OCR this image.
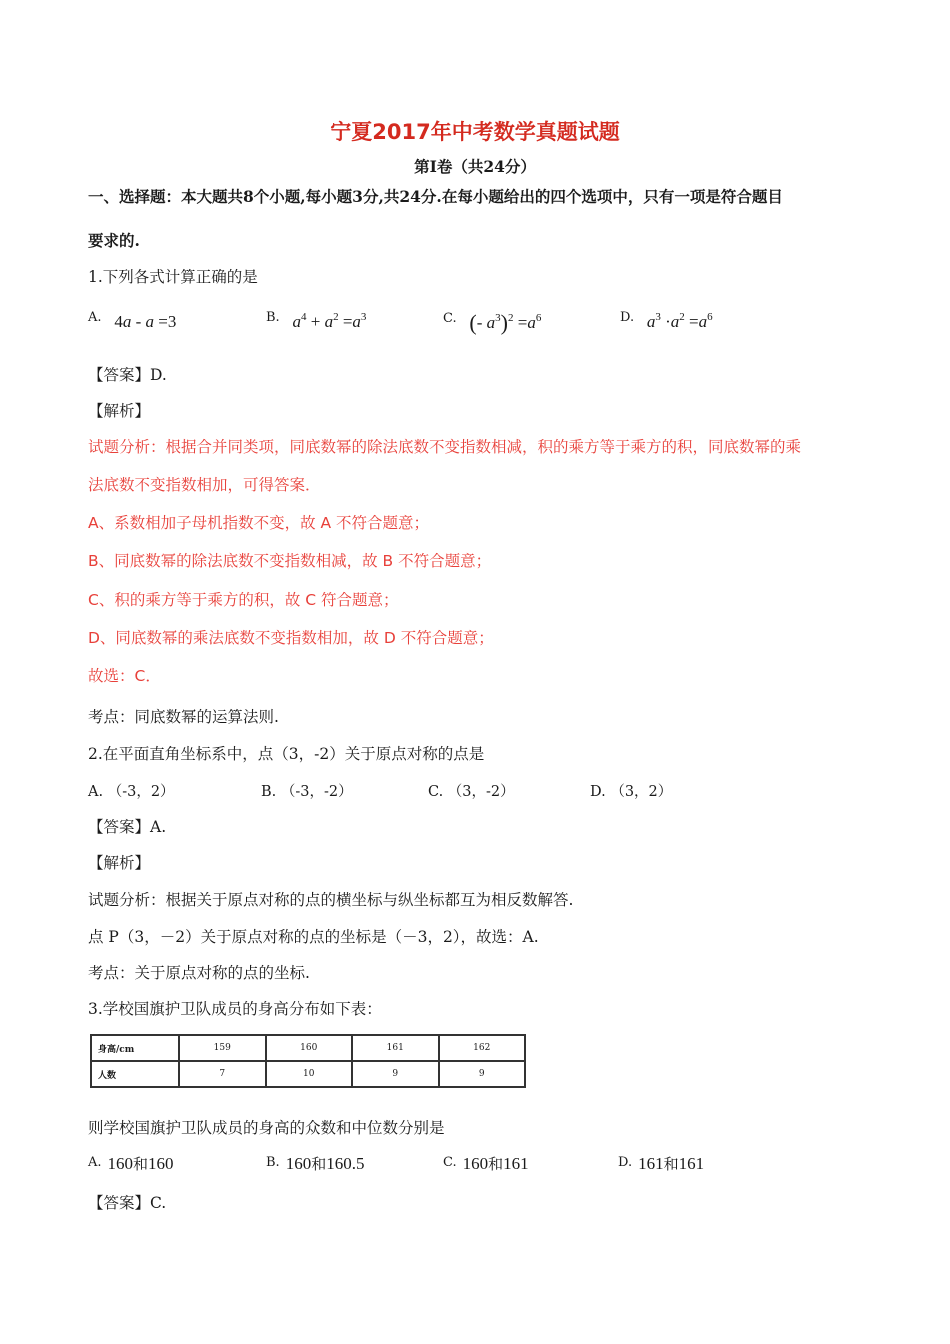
宁夏2017年中考数学真题试题
第Ⅰ卷（共24分）
一、选择题：本大题共8个小题,每小题3分,共24分.在每小题给出的四个选项中，只有一项是符合题目
要求的.
1.下列各式计算正确的是
A. 4a - a =3	B. $a^4 + a^2 =a^3$	C. (- $a^3)^2 =a^6$	D. $a^3 \cdot a^2 =a^6$
【答案】D.
【解析】
试题分析：根据合并同类项，同底数幂的除法底数不变指数相减，积的乘方等于乘方的积，同底数幂的乘
法底数不变指数相加，可得答案．
A、系数相加子母机指数不变，故 A 不符合题意；
B、同底数幂的除法底数不变指数相减，故 B 不符合题意；
C、积的乘方等于乘方的积，故 C 符合题意；
D、同底数幂的乘法底数不变指数相加，故 D 不符合题意；
故选：C．
考点：同底数幂的运算法则.
2.在平面直角坐标系中，点（3，-2）关于原点对称的点是
A. （-3，2）	B. （-3，-2）	C. （3，-2）	D. （3，2）
【答案】A.
【解析】
试题分析：根据关于原点对称的点的横坐标与纵坐标都互为相反数解答.
点 P（3，－2）关于原点对称的点的坐标是（－3，2），故选：A.
考点：关于原点对称的点的坐标.
3.学校国旗护卫队成员的身高分布如下表：
身高/cm	159	160	161	162
人数	7	10	9	9
则学校国旗护卫队成员的身高的众数和中位数分别是
A. 160和160	B. 160和160.5	C. 160和161	D. 161和161
【答案】C.
